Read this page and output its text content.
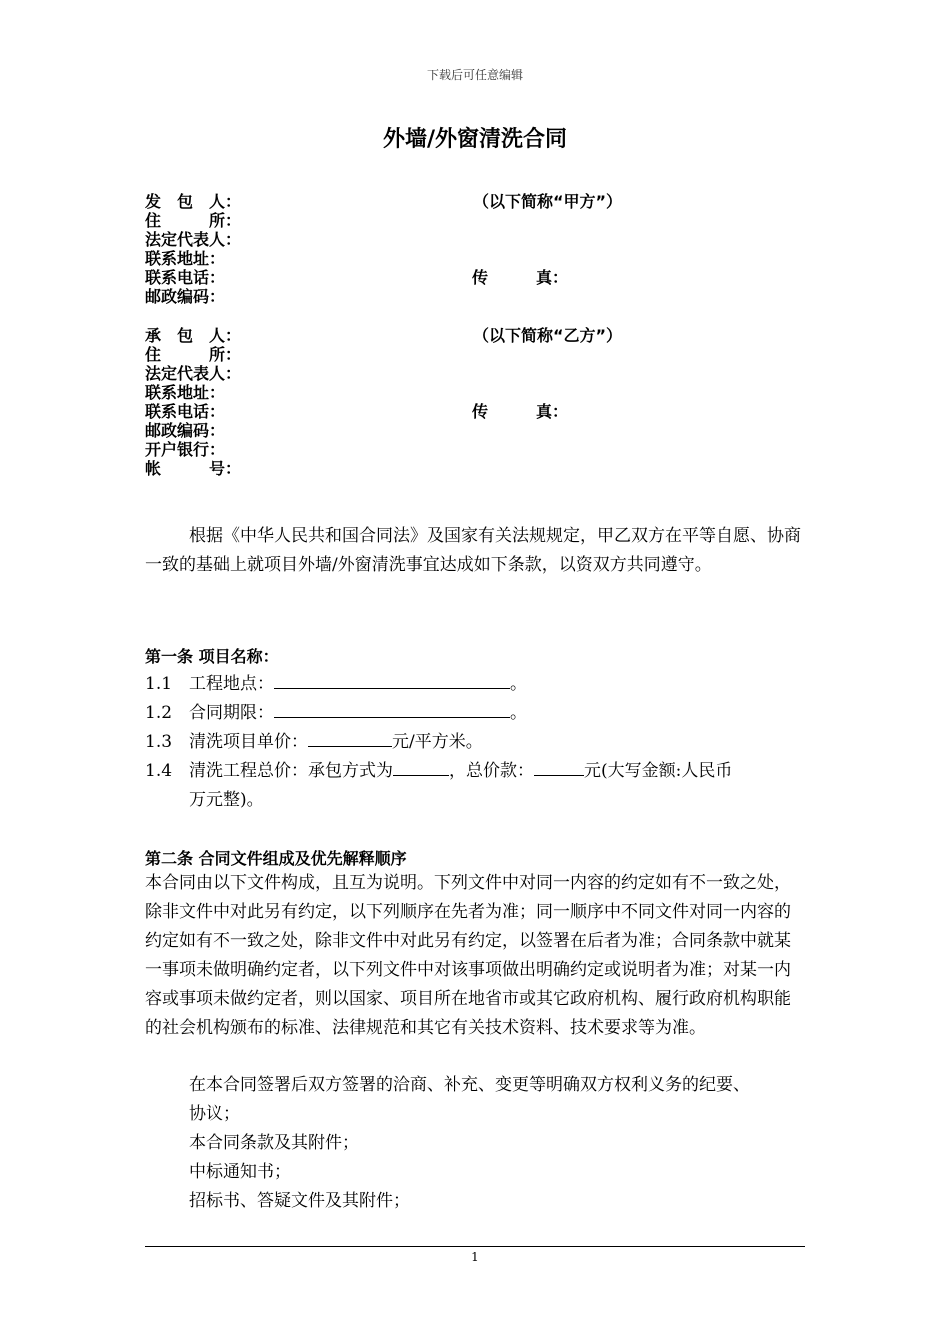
下载后可任意编辑
外墙/外窗清洗合同
发　包　人：	（以下简称“甲方”）
住　　　所：
法定代表人：
联系地址：
联系电话：	传　　　真：
邮政编码：
承　包　人：	（以下简称“乙方”）
住　　　所：
法定代表人：
联系地址：
联系电话：	传　　　真：
邮政编码：
开户银行：
帐　　　号：
根据《中华人民共和国合同法》及国家有关法规规定，甲乙双方在平等自愿、协商一致的基础上就项目外墙/外窗清洗事宜达成如下条款，以资双方共同遵守。
第一条 项目名称：
1.1 工程地点：	。
1.2 合同期限：	。
1.3 清洗项目单价：	元/平方米。
1.4 清洗工程总价：承包方式为	，总价款：	元(大写金额:人民币
万元整)。
第二条 合同文件组成及优先解释顺序
本合同由以下文件构成，且互为说明。下列文件中对同一内容的约定如有不一致之处，除非文件中对此另有约定，以下列顺序在先者为准；同一顺序中不同文件对同一内容的约定如有不一致之处，除非文件中对此另有约定，以签署在后者为准；合同条款中就某一事项未做明确约定者，以下列文件中对该事项做出明确约定或说明者为准；对某一内容或事项未做约定者，则以国家、项目所在地省市或其它政府机构、履行政府机构职能的社会机构颁布的标准、法律规范和其它有关技术资料、技术要求等为准。
在本合同签署后双方签署的洽商、补充、变更等明确双方权利义务的纪要、
协议；
本合同条款及其附件；
中标通知书；
招标书、答疑文件及其附件；
1
